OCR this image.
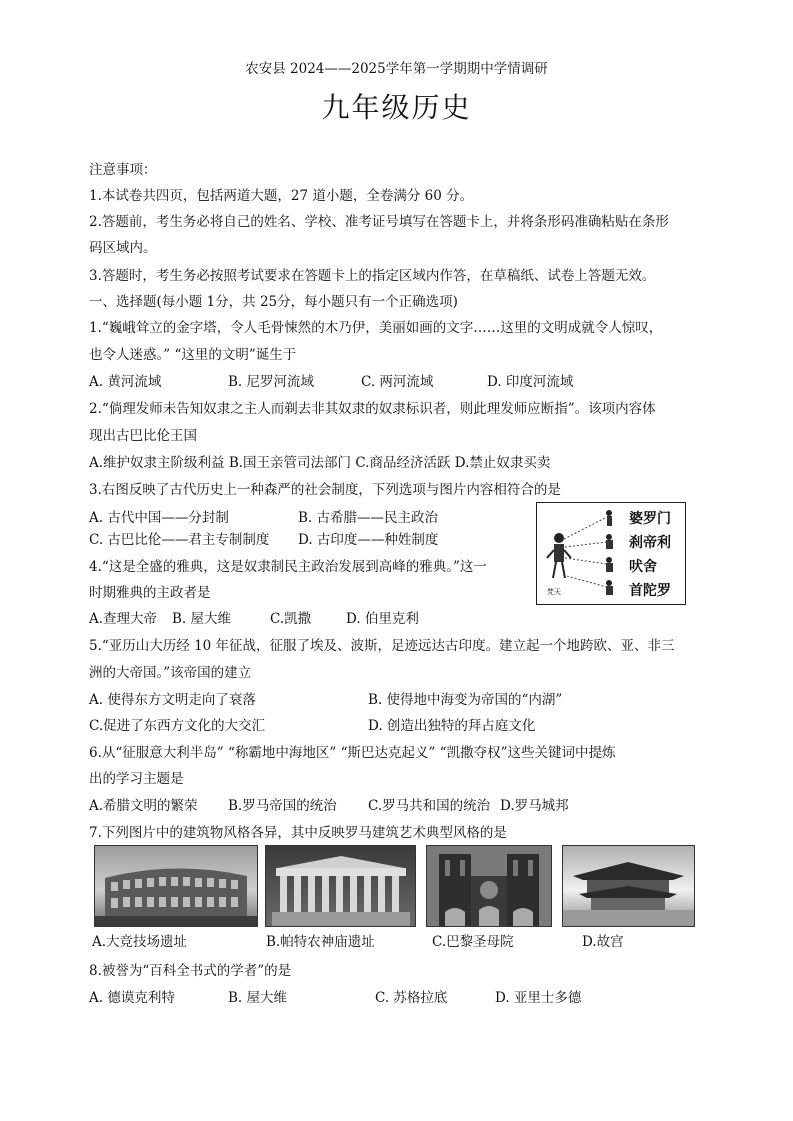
农安县 2024——2025学年第一学期期中学情调研
九年级历史
注意事项：
1.本试卷共四页，包括两道大题，27 道小题，全卷满分 60 分。
2.答题前，考生务必将自己的姓名、学校、准考证号填写在答题卡上，并将条形码准确粘贴在条形
码区域内。
3.答题时，考生务必按照考试要求在答题卡上的指定区域内作答，在草稿纸、试卷上答题无效。
一、选择题(每小题 1分，共 25分，每小题只有一个正确选项)
1.“巍峨耸立的金字塔，令人毛骨悚然的木乃伊，美丽如画的文字……这里的文明成就令人惊叹，
也令人迷惑。” “这里的文明”诞生于
A. 黄河流域	B. 尼罗河流域	C. 两河流域	D. 印度河流域
2.“倘理发师未告知奴隶之主人而剃去非其奴隶的奴隶标识者，则此理发师应断指”。该项内容体
现出古巴比伦王国
A.维护奴隶主阶级利益 B.国王亲管司法部门 C.商品经济活跃 D.禁止奴隶买卖
3.右图反映了古代历史上一种森严的社会制度，下列选项与图片内容相符合的是
A. 古代中国——分封制	B. 古希腊——民主政治
C. 古巴比伦——君主专制制度 D. 古印度——种姓制度
梵天
婆罗门
刹帝利
吠舍
首陀罗
4.“这是全盛的雅典，这是奴隶制民主政治发展到高峰的雅典。”这一
时期雅典的主政者是
A.查理大帝 B. 屋大维	C.凯撒	D. 伯里克利
5.“亚历山大历经 10 年征战，征服了埃及、波斯，足迹远达古印度。建立起一个地跨欧、亚、非三
洲的大帝国。”该帝国的建立
A. 使得东方文明走向了衰落	B. 使得地中海变为帝国的“内湖”
C.促进了东西方文化的大交汇	D. 创造出独特的拜占庭文化
6.从“征服意大利半岛” “称霸地中海地区” “斯巴达克起义” “凯撒夺权”这些关键词中提炼
出的学习主题是
A.希腊文明的繁荣 B.罗马帝国的统治 C.罗马共和国的统治 D.罗马城邦
7.下列图片中的建筑物风格各异，其中反映罗马建筑艺术典型风格的是
A.大竞技场遗址	B.帕特农神庙遗址	C.巴黎圣母院	D.故宫
8.被誉为“百科全书式的学者”的是
A. 德谟克利特	B. 屋大维	C. 苏格拉底	D. 亚里士多德
